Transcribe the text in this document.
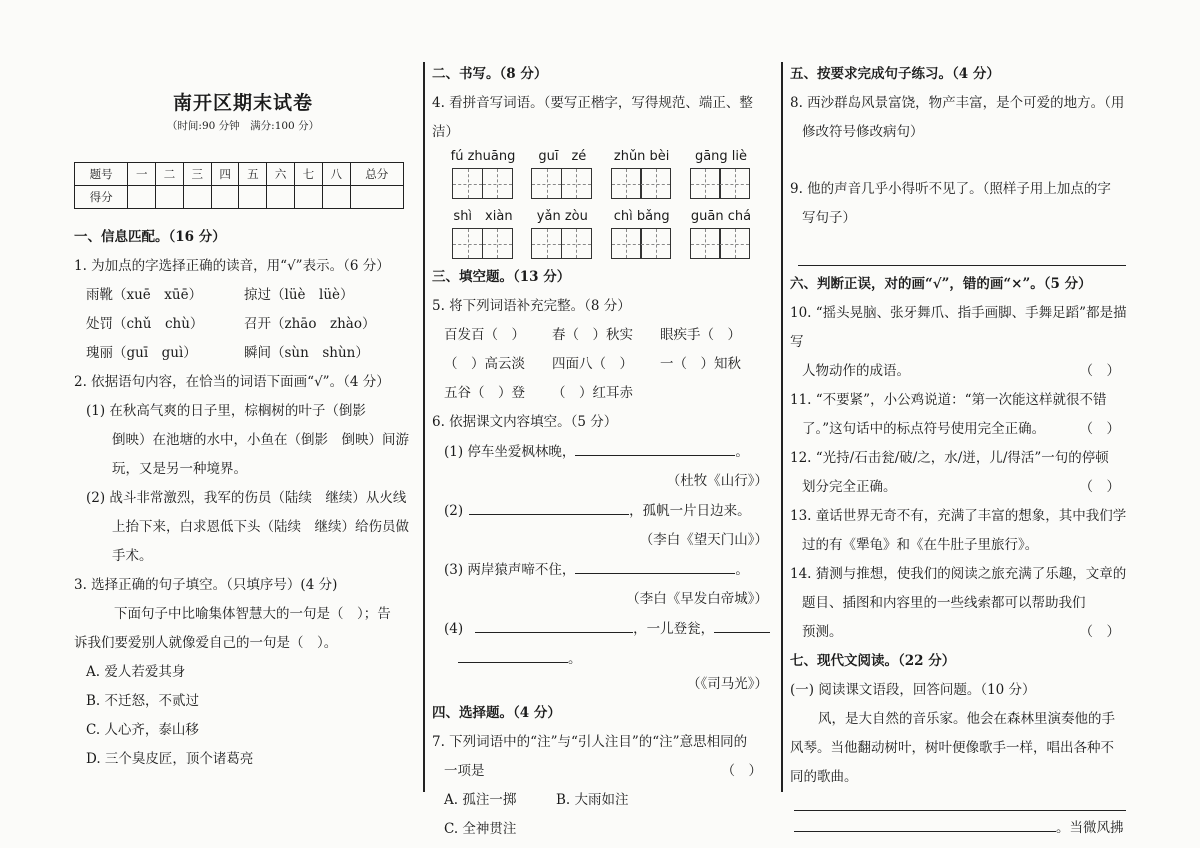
南开区期末试卷
（时间:90 分钟　满分:100 分）
题号	一	二	三	四	五	六	七	八	总分
得分									
一、信息匹配。（16 分）
1. 为加点的字选择正确的读音，用“√”表示。（6 分）
雨靴（xuē　xūē）	掠过（lüè　lüè）
处罚（chǔ　chù）	召开（zhāo　zhào）
瑰丽（guī　guì）	瞬间（sùn　shùn）
2. 依据语句内容，在恰当的词语下面画“√”。（4 分）
(1) 在秋高气爽的日子里，棕榈树的叶子（倒影
倒映）在池塘的水中，小鱼在（倒影　倒映）间游
玩，又是另一种境界。
(2) 战斗非常激烈，我军的伤员（陆续　继续）从火线
上抬下来，白求恩低下头（陆续　继续）给伤员做
手术。
3. 选择正确的句子填空。（只填序号）(4 分)
下面句子中比喻集体智慧大的一句是（　）；告
诉我们要爱别人就像爱自己的一句是（　）。
A. 爱人若爱其身
B. 不迁怒，不贰过
C. 人心齐，泰山移
D. 三个臭皮匠，顶个诸葛亮
二、书写。（8 分）
4. 看拼音写词语。（要写正楷字，写得规范、端正、整洁）
fú zhuāng	guī　zé	zhǔn bèi	gāng liè
shì　xiàn	yǎn zòu	chì bǎng	guān chá
三、填空题。（13 分）
5. 将下列词语补充完整。（8 分）
百发百（　） 春（　）秋实 眼疾手（　）
（　）高云淡 四面八（　） 一（　）知秋
五谷（　）登 （　）红耳赤
6. 依据课文内容填空。（5 分）
(1) 停车坐爱枫林晚，	。
（杜牧《山行》）
(2)	，孤帆一片日边来。
（李白《望天门山》）
(3) 两岸猿声啼不住，	。
（李白《早发白帝城》）
(4)	，一儿登瓮，
。
（《司马光》）
四、选择题。（4 分）
7. 下列词语中的“注”与“引人注目”的“注”意思相同的
一项是	（　）
A. 孤注一掷	B. 大雨如注C. 全神贯注
五、按要求完成句子练习。（4 分）
8. 西沙群岛风景富饶，物产丰富，是个可爱的地方。（用
修改符号修改病句）
9. 他的声音几乎小得听不见了。（照样子用上加点的字
写句子）
六、判断正误，对的画“√”，错的画“×”。（5 分）
10. “摇头晃脑、张牙舞爪、指手画脚、手舞足蹈”都是描写
人物动作的成语。	（　）
11. “不要紧”，小公鸡说道：“第一次能这样就很不错
了。”这句话中的标点符号使用完全正确。	（　）
12. “光持/石击瓮/破/之，水/迸，儿/得活”一句的停顿
划分完全正确。	（　）
13. 童话世界无奇不有，充满了丰富的想象，其中我们学
过的有《犟龟》和《在牛肚子里旅行》。
14. 猜测与推想，使我们的阅读之旅充满了乐趣，文章的
题目、插图和内容里的一些线索都可以帮助我们
预测。	（　）
七、现代文阅读。（22 分）
(一) 阅读课文语段，回答问题。（10 分）
风，是大自然的音乐家。他会在森林里演奏他的手
风琴。当他翻动树叶，树叶便像歌手一样，唱出各种不
同的歌曲。
。当微风拂
